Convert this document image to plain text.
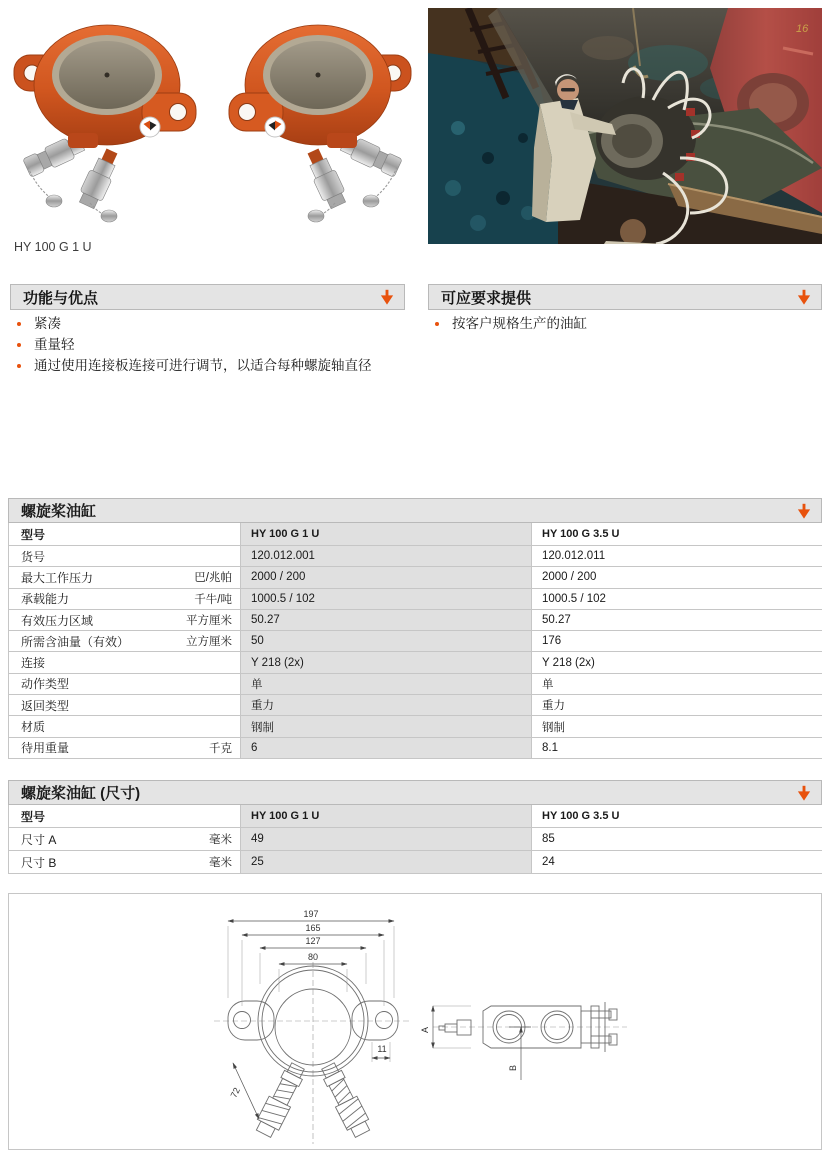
16
HY 100 G 1 U
功能与优点
紧凑
重量轻
通过使用连接板连接可进行调节，以适合每种螺旋轴直径
可应要求提供
按客户规格生产的油缸
螺旋桨油缸
型号	HY 100 G 1 U	HY 100 G 3.5 U
货号	120.012.001	120.012.011
最大工作压力	巴/兆帕	2000 / 200	2000 / 200
承载能力	千牛/吨	1000.5 / 102	1000.5 / 102
有效压力区域	平方厘米	50.27	50.27
所需含油量（有效）	立方厘米	50	176
连接	Y 218 (2x)	Y 218 (2x)
动作类型	单	单
返回类型	重力	重力
材质	钢制	钢制
待用重量	千克	6	8.1
螺旋桨油缸 (尺寸)
型号	HY 100 G 1 U	HY 100 G 3.5 U
尺寸 A	毫米	49	85
尺寸 B	毫米	25	24
197
165
127
80
11
72
A
B
